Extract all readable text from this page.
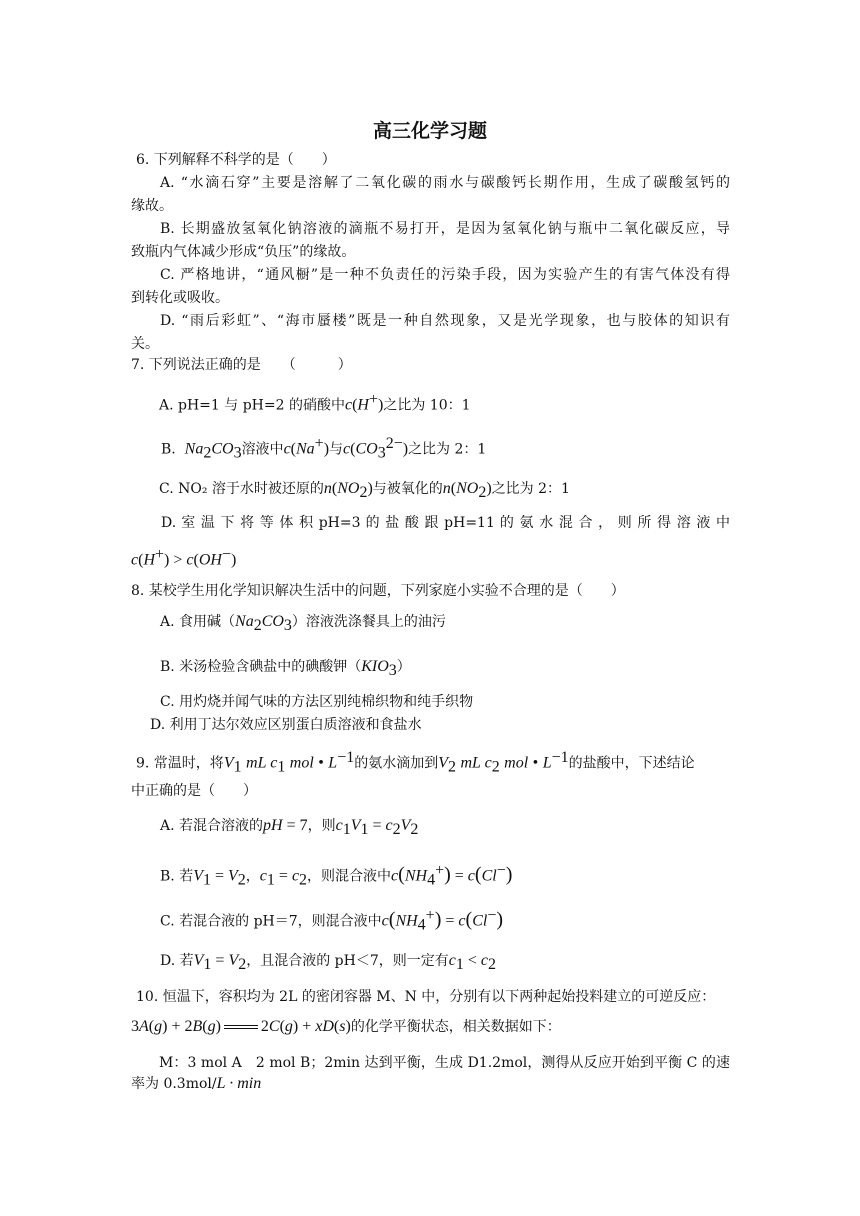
高三化学习题
6. 下列解释不科学的是（　　）
A. “水滴石穿”主要是溶解了二氧化碳的雨水与碳酸钙长期作用，生成了碳酸氢钙的
缘故。
B. 长期盛放氢氧化钠溶液的滴瓶不易打开，是因为氢氧化钠与瓶中二氧化碳反应，导
致瓶内气体减少形成“负压”的缘故。
C. 严格地讲，“通风橱”是一种不负责任的污染手段，因为实验产生的有害气体没有得
到转化或吸收。
D. “雨后彩虹”、“海市蜃楼”既是一种自然现象，又是光学现象，也与胶体的知识有
关。
7. 下列说法正确的是　　（　　　）
A. pH=1 与 pH=2 的硝酸中c(H+)之比为 10：1
B. $Na_2CO_3$溶液中c(Na+)与$c(CO_3^{2-})$之比为 2：1
C. NO₂ 溶于水时被还原的$n(NO_2)$与被氧化的$n(NO_2)$之比为 2：1
D. 室 温 下 将 等 体 积 pH=3 的 盐 酸 跟 pH=11 的 氨 水 混 合 ， 则 所 得 溶 液 中
c(H+) > c(OH−)
8. 某校学生用化学知识解决生活中的问题，下列家庭小实验不合理的是（　　）
A. 食用碱$(Na_2CO_3)$溶液洗涤餐具上的油污
B. 米汤检验含碘盐中的碘酸钾$(KIO_3)$
C. 用灼烧并闻气味的方法区别纯棉织物和纯手织物
D. 利用丁达尔效应区别蛋白质溶液和食盐水
9. 常温时，将$V_1$ mL $c_1$ mol • $L^{-1}$的氨水滴加到$V_2$ mL $c_2$ mol • $L^{-1}$的盐酸中，下述结论
中正确的是（　　）
A. 若混合溶液的pH = 7，则$c_1V_1 = c_2V_2$
B. 若$V_1 = V_2$，$c_1 = c_2$，则混合液中$c(NH_4^+) = c(Cl^-)$
C. 若混合液的 pH＝7，则混合液中$c(NH_4^+) = c(Cl^-)$
D. 若$V_1 = V_2$，且混合液的 pH＜7，则一定有$c_1 < c_2$
10. 恒温下，容积均为 2L 的密闭容器 M、N 中，分别有以下两种起始投料建立的可逆反应：
3A(g) + 2B(g)	2C(g) + xD(s)的化学平衡状态，相关数据如下：
M：3 mol A　2 mol B；2min 达到平衡，生成 D1.2mol，测得从反应开始到平衡 C 的速
率为 0.3mol/L · min
